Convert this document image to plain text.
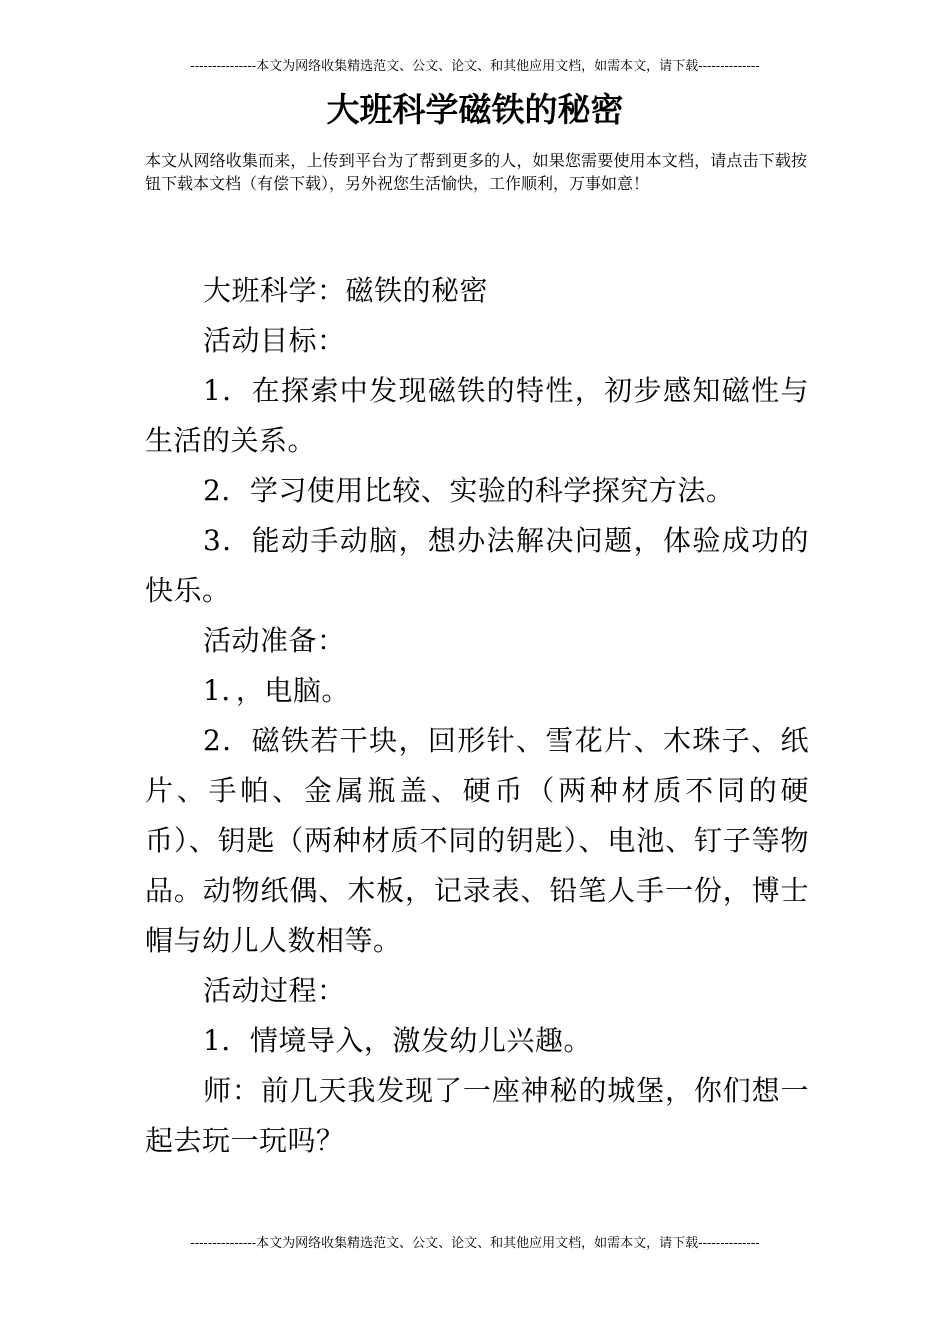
---------------本文为网络收集精选范文、公文、论文、和其他应用文档，如需本文，请下载--------------
大班科学磁铁的秘密

本文从网络收集而来，上传到平台为了帮到更多的人，如果您需要使用本文档，请点击下载按钮下载本文档（有偿下载），另外祝您生活愉快，工作顺利，万事如意！

大班科学：磁铁的秘密

活动目标：

1．在探索中发现磁铁的特性，初步感知磁性与生活的关系。

2．学习使用比较、实验的科学探究方法。

3．能动手动脑，想办法解决问题，体验成功的快乐。

活动准备：

1．，电脑。

2．磁铁若干块，回形针、雪花片、木珠子、纸片、手帕、金属瓶盖、硬币（两种材质不同的硬币）、钥匙（两种材质不同的钥匙）、电池、钉子等物品。动物纸偶、木板，记录表、铅笔人手一份，博士帽与幼儿人数相等。

活动过程：

1．情境导入，激发幼儿兴趣。

师：前几天我发现了一座神秘的城堡，你们想一起去玩一玩吗？

---------------本文为网络收集精选范文、公文、论文、和其他应用文档，如需本文，请下载--------------
